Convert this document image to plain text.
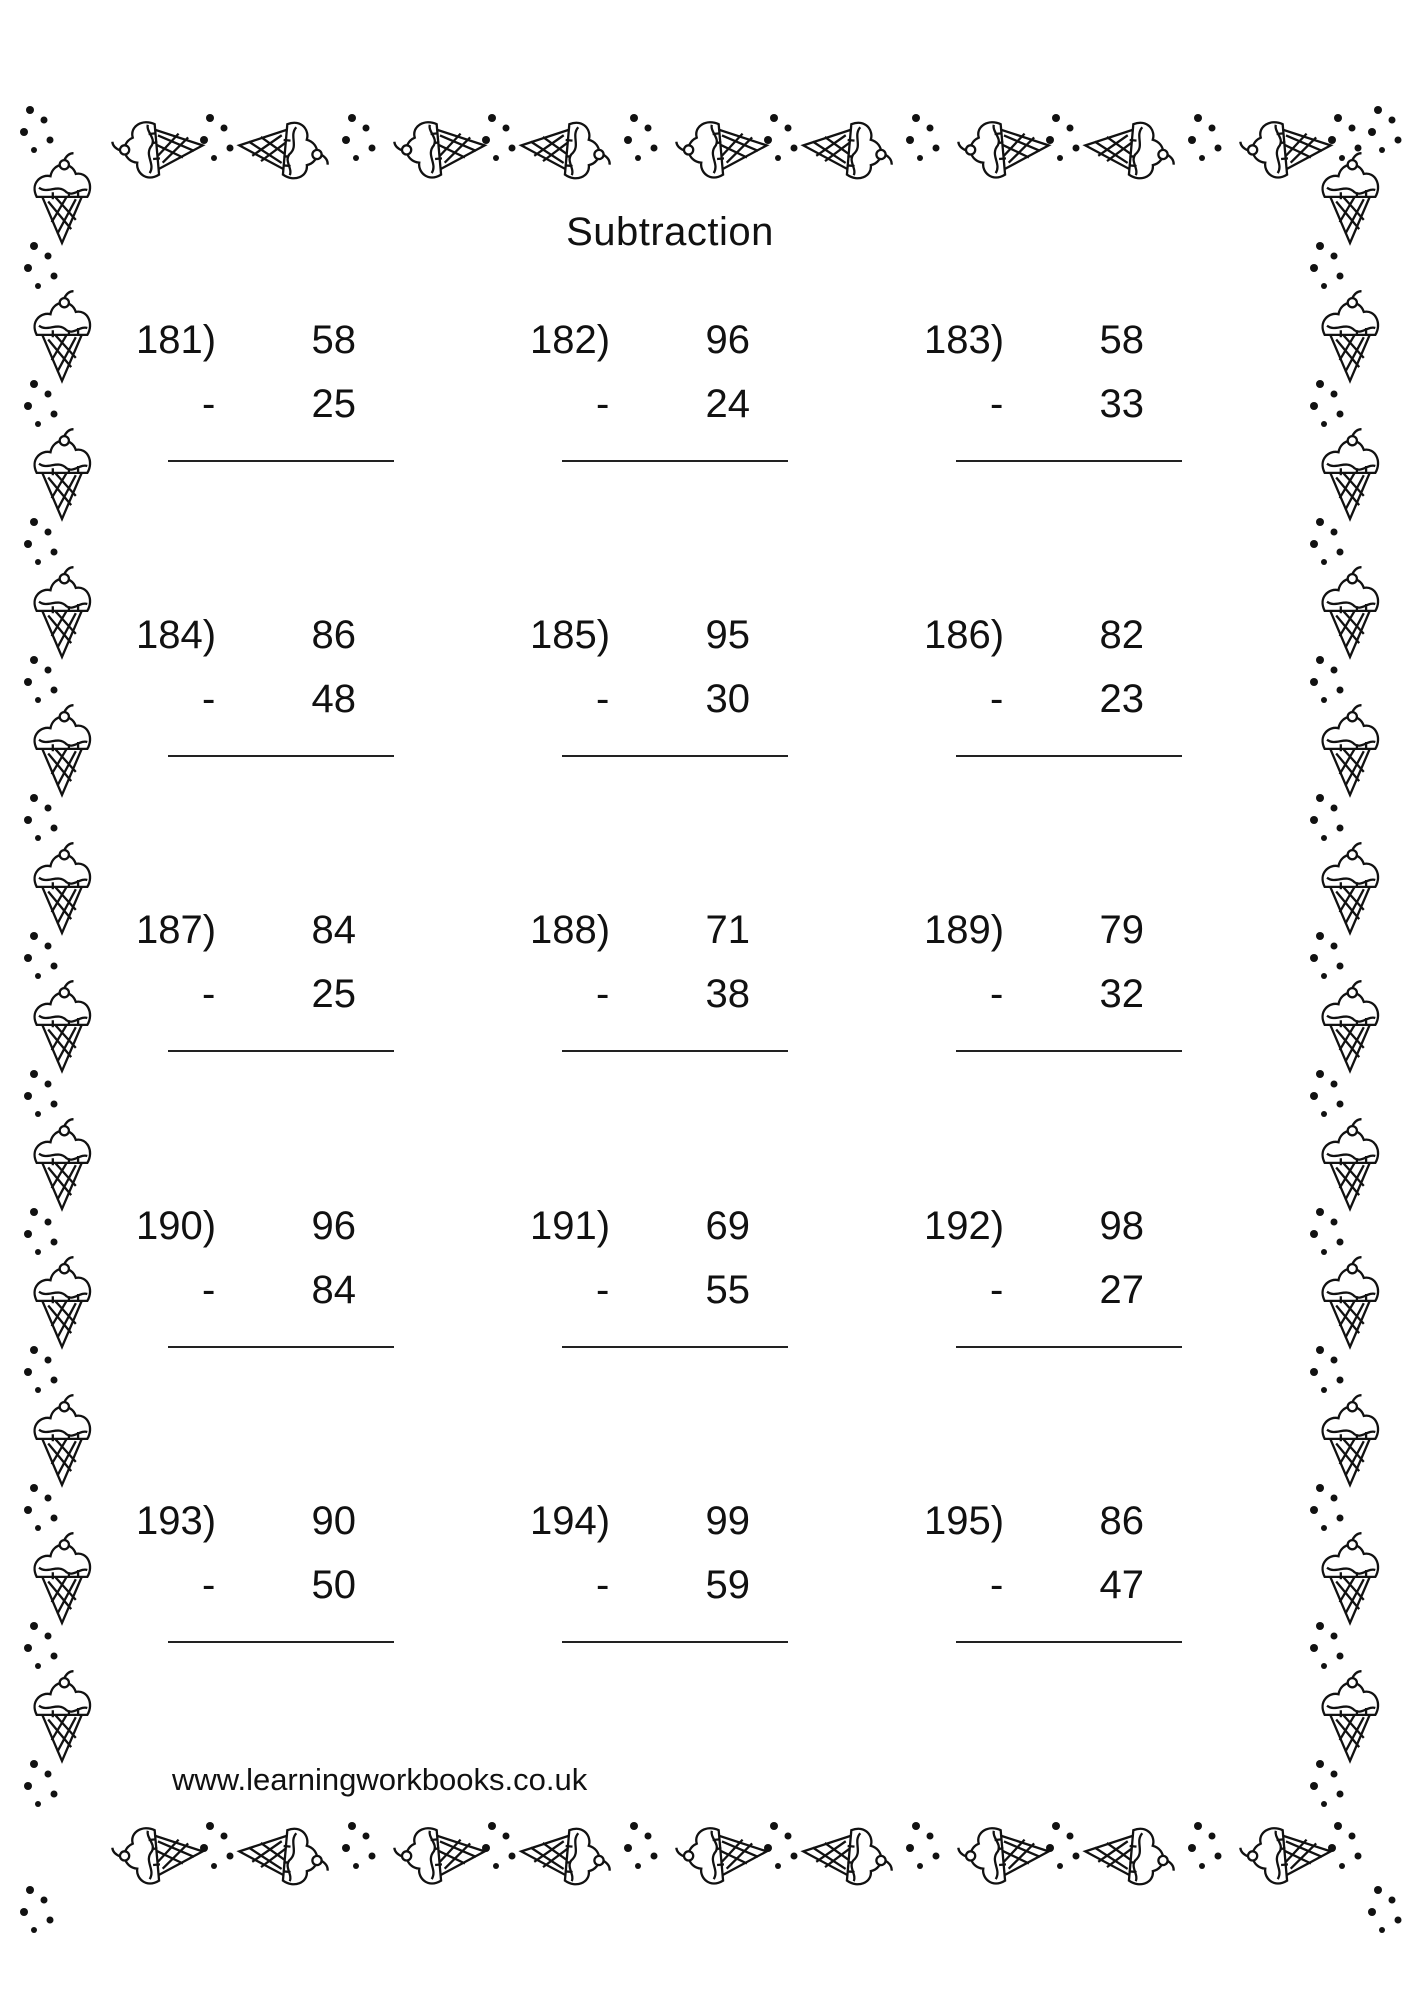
Subtraction
181) 58
- 25
182) 96
- 24
183) 58
- 33
184) 86
- 48
185) 95
- 30
186) 82
- 23
187) 84
- 25
188) 71
- 38
189) 79
- 32
190) 96
- 84
191) 69
- 55
192) 98
- 27
193) 90
- 50
194) 99
- 59
195) 86
- 47
www.learningworkbooks.co.uk
